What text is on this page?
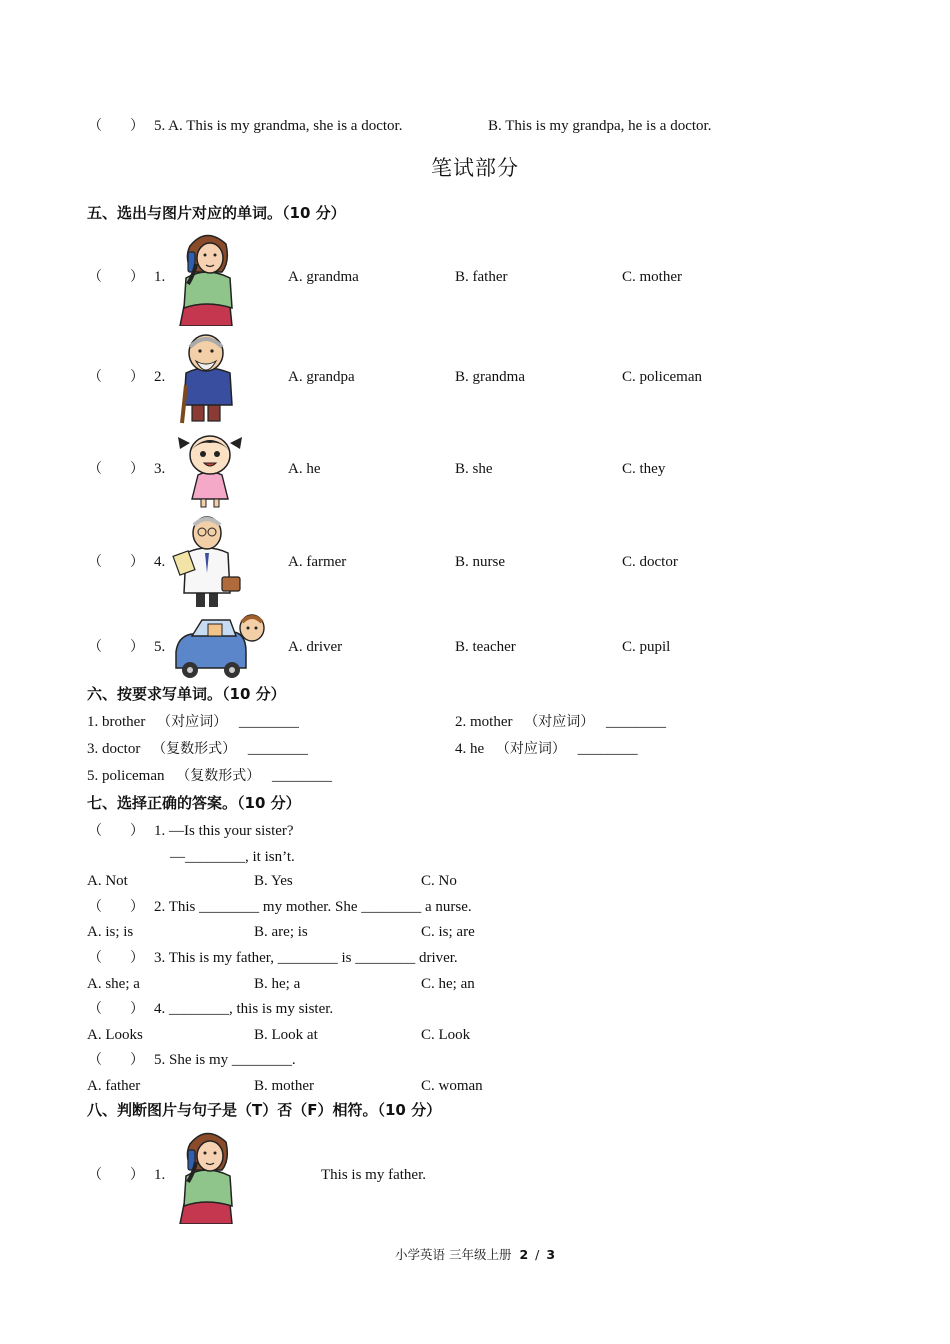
（　　） 5. A. This is my grandma, she is a doctor.	B. This is my grandpa, he is a doctor.
笔试部分
五、选出与图片对应的单词。（10 分）
（　　） 1.	A. grandma	B. father	C. mother
（　　） 2.	A. grandpa	B. grandma	C. policeman
（　　） 3.	A. he	B. she	C. they
（　　） 4.	A. farmer	B. nurse	C. doctor
（　　） 5.	A. driver	B. teacher	C. pupil
六、按要求写单词。（10 分）
1. brother （对应词） ________	2. mother （对应词） ________
3. doctor （复数形式） ________	4. he （对应词） ________
5. policeman （复数形式） ________
七、选择正确的答案。（10 分）
（　　） 1. —Is this your sister?
—________, it isn’t.
A. Not	B. Yes	C. No
（　　） 2. This ________ my mother. She ________ a nurse.
A. is; is	B. are; is	C. is; are
（　　） 3. This is my father, ________ is ________ driver.
A. she; a	B. he; a	C. he; an
（　　） 4. ________, this is my sister.
A. Looks	B. Look at	C. Look
（　　） 5. She is my ________.
A. father	B. mother	C. woman
八、判断图片与句子是（T）否（F）相符。（10 分）
（　　） 1.	This is my father.
小学英语 三年级上册 2 / 3
